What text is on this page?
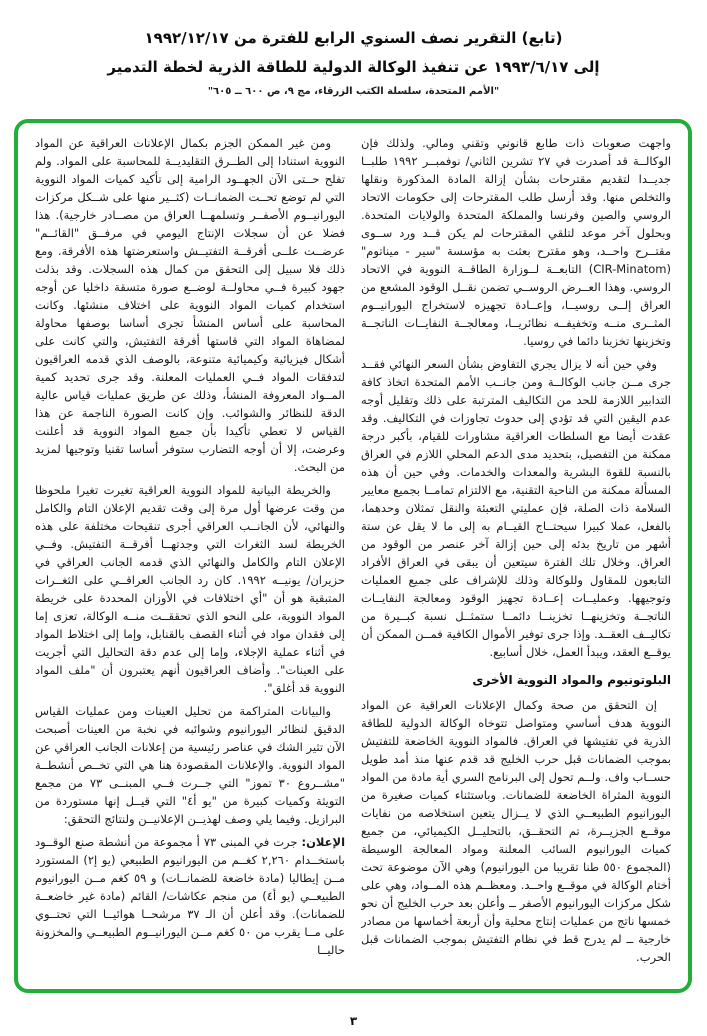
(تابع) التقرير نصف السنوي الرابع للفترة من ١٩٩٢/١٢/١٧
إلى ١٩٩٣/٦/١٧ عن تنفيذ الوكالة الدولية للطاقة الذرية لخطة التدمير
"الأمم المتحدة، سلسلة الكتب الزرقاء، مج ٩، ص ٦٠٠ ــ ٦٠٥"

واجهت صعوبات ذات طابع قانوني وتقني ومالي. ولذلك فإن الوكالــة قد أصدرت في ٢٧ تشرين الثاني/ نوفمبــر ١٩٩٢ طلبــا جديــدا لتقديم مقترحات بشأن إزالة المادة المذكورة ونقلها والتخلص منها. وقد أرسل طلب المقترحات إلى حكومات الاتحاد الروسي والصين وفرنسا والمملكة المتحدة والولايات المتحدة. وبحلول آخر موعد لتلقي المقترحات لم يكن قــد ورد ســوى مقتــرح واحــد، وهو مقترح بعثت به مؤسسة "سير - ميناتوم" (CIR-Minatom) التابعــة لــوزارة الطاقــة النووية في الاتحاد الروسي. وهذا العــرض الروســي تضمن نقــل الوقود المشعع من العراق إلــى روسيــا، وإعــادة تجهيزه لاستخراج اليورانيــوم المثــرى منــه وتخفيفــه نظائريــا، ومعالجــة النفايــات الناتجــة وتخزينها تخزينا دائما في روسيا.

وفي حين أنه لا يزال يجري التفاوض بشأن السعر النهائي فقــد جرى مــن جانب الوكالــة ومن جانــب الأمم المتحدة اتخاذ كافة التدابير اللازمة للحد من التكاليف المترتبة على ذلك وتقليل أوجه عدم اليقين التي قد تؤدي إلى حدوث تجاوزات في التكاليف. وقد عقدت أيضا مع السلطات العراقية مشاورات للقيام، بأكبر درجة ممكنة من التفصيل، بتحديد مدى الدعم المحلي اللازم في العراق بالنسبة للقوة البشرية والمعدات والخدمات. وفي حين أن هذه المسألة ممكنة من الناحية التقنية، مع الالتزام تمامــا بجميع معايير السلامة ذات الصلة، فإن عمليتي التعبئة والنقل تمثلان وحدهما، بالفعل، عملا كبيرا سيحتــاج القيــام به إلى ما لا يقل عن ستة أشهر من تاريخ بدئه إلى حين إزالة آخر عنصر من الوقود من العراق. وخلال تلك الفترة سيتعين أن يبقى في العراق الأفراد التابعون للمقاول وللوكالة وذلك للإشراف على جميع العمليات وتوجيهها. وعمليــات إعــادة تجهيز الوقود ومعالجة النفايــات الناتجــة وتخزينهــا تخزينــا دائمــا ستمثــل نسبة كبــيرة من تكاليــف العقــد. وإذا جرى توفير الأموال الكافية فمــن الممكن أن يوقــع العقد، ويبدأ العمل، خلال أسابيع.

البلوتونيوم والمواد النووية الأخرى

إن التحقق من صحة وكمال الإعلانات العراقية عن المواد النووية هدف أساسي ومتواصل تتوخاه الوكالة الدولية للطاقة الذرية في تفتيشها في العراق. فالمواد النووية الخاضعة للتفتيش بموجب الضمانات قبل حرب الخليج قد قدم عنها منذ أمد طويل حســاب واف. ولــم تحول إلى البرنامج السري أية مادة من المواد النووية المثراة الخاضعة للضمانات. وباستثناء كميات صغيرة من اليورانيوم الطبيعــي الذي لا يــزال يتعين استخلاصه من نفايات موقــع الجزيــرة، تم التحقــق، بالتحليــل الكيميائي، من جميع كميات اليورانيوم السائب المعلنة ومواد المعالجة الوسيطة (المجموع ٥٥٠ طنا تقريبا من اليورانيوم) وهي الآن موضوعة تحت أختام الوكالة في موقــع واحــد. ومعظــم هذه المــواد، وهي على شكل مركزات اليورانيوم الأصفر ــ وأعلن بعد حرب الخليج أن نحو خمسها ناتج من عمليات إنتاج محلية وأن أربعة أخماسها من مصادر خارجية ــ لم يدرج قط في نظام التفتيش بموجب الضمانات قبل الحرب.

ومن غير الممكن الجزم بكمال الإعلانات العراقية عن المواد النووية استنادا إلى الطــرق التقليديــة للمحاسبة على المواد. ولم تفلح حــتى الآن الجهــود الرامية إلى تأكيد كميات المواد النووية التي لم توضع تحــت الضمانــات (كثــير منها على شــكل مركزات اليورانيــوم الأصفــر وتسلمهــا العراق من مصــادر خارجية). هذا فضلا عن أن سجلات الإنتاج اليومي في مرفــق "القائــم" عرضــت علــى أفرقــة التفتيــش واستعرضتها هذه الأفرقة. ومع ذلك فلا سبيل إلى التحقق من كمال هذه السجلات. وقد بذلت جهود كبيرة فــي محاولــة لوضــع صورة متسقة داخليا عن أوجه استخدام كميات المواد النووية على اختلاف منشئها. وكانت المحاسبة على أساس المنشأ تجرى أساسا بوصفها محاولة لمضاهاة المواد التي قاستها أفرقة التفتيش، والتي كانت على أشكال فيزيائية وكيميائية متنوعة، بالوصف الذي قدمه العراقيون لتدفقات المواد فــي العمليات المعلنة. وقد جرى تحديد كمية المــواد المعروفة المنشأ، وذلك عن طريق عمليات قياس عالية الدقة للنظائر والشوائب. وإن كانت الصورة الناجمة عن هذا القياس لا تعطي تأكيدا بأن جميع المواد النووية قد أعلنت وعرضت، إلا أن أوجه التضارب ستوفر أساسا تقنيا وتوجيها لمزيد من البحث.

والخريطة البيانية للمواد النووية العراقية تغيرت تغيرا ملحوظا من وقت عرضها أول مرة إلى وقت تقديم الإعلان التام والكامل والنهائي، لأن الجانــب العراقي أجرى تنقيحات مختلفة على هذه الخريطة لسد الثغرات التي وجدتهــا أفرقــة التفتيش. وفــي الإعلان التام والكامل والنهائي الذي قدمه الجانب العراقي في حزيران/ يونيــه ١٩٩٢. كان رد الجانب العراقــي على الثغــرات المتبقية هو أن "أي اختلافات في الأوزان المحددة على خريطة المواد النووية، على النحو الذي تحققــت منــه الوكالة، تعزى إما إلى فقدان مواد في أثناء القصف بالقنابل، وإما إلى اختلاط المواد في أثناء عملية الإجلاء، وإما إلى عدم دقة التحاليل التي أجريت على العينات". وأضاف العراقيون أنهم يعتبرون أن "ملف المواد النووية قد أغلق".

والبيانات المتراكمة من تحليل العينات ومن عمليات القياس الدقيق لنظائر اليورانيوم وشوائبه في نخبة من العينات أصبحت الآن تثير الشك في عناصر رئيسية من إعلانات الجانب العراقي عن المواد النووية. والإعلانات المقصودة هنا هي التي تخــص أنشطــة "مشــروع ٣٠ تموز" التي جــرت فــي المبنــى ٧٣ من مجمع التويثة وكميات كبيرة من "يو أ٤" التي قيــل إنها مستوردة من البرازيل. وفيما يلي وصف لهذيــن الإعلانيــن ولنتائج التحقق:

الإعلان: جرت في المبنى ٧٣ أ مجموعة من أنشطة صنع الوقــود باستخــدام ٢,٢٦٠ كغــم من اليورانيوم الطبيعي (يو إ٢) المستورد مــن إيطاليا (مادة خاضعة للضمانــات) و ٥٩ كغم مــن اليورانيوم الطبيعــي (يو أ٤) من منجم عكاشات/ القائم (مادة غير خاضعــة للضمانات). وقد أعلن أن الـ ٣٧ مرشحــا هوائيــا التي تحتــوي على مــا يقرب من ٥٠ كغم مــن اليورانيــوم الطبيعــي والمخزونة حاليــا

٣
